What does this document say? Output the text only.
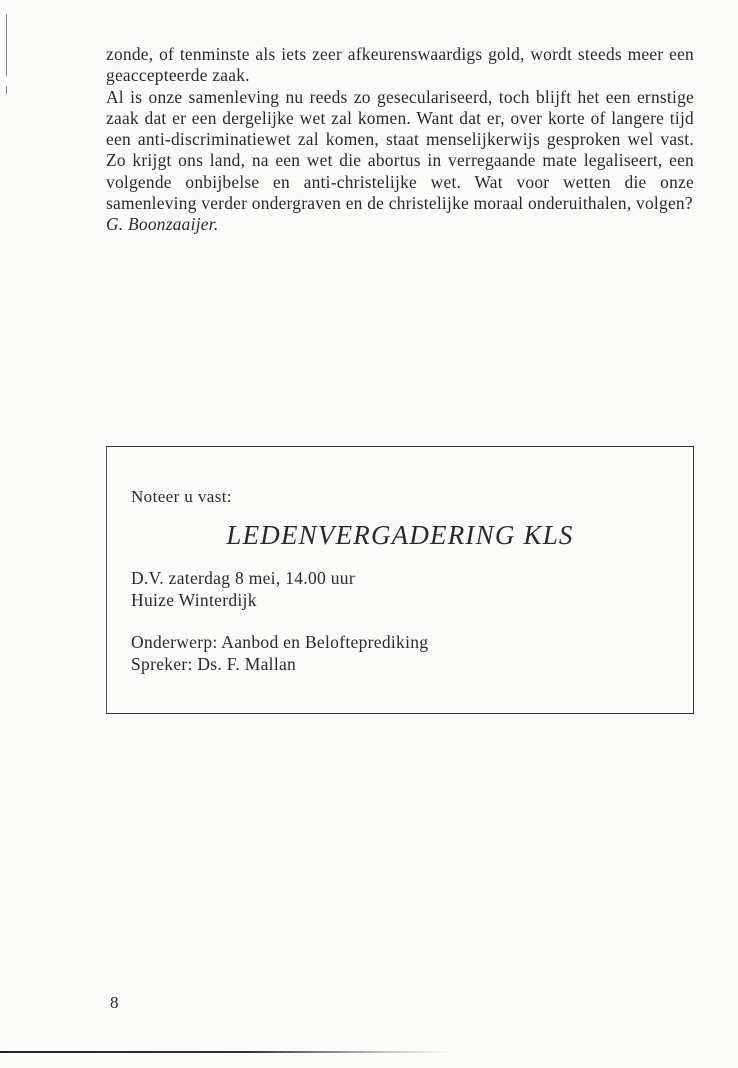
zonde, of tenminste als iets zeer afkeurenswaardigs gold, wordt steeds meer een geaccepteerde zaak.

Al is onze samenleving nu reeds zo geseculariseerd, toch blijft het een ernstige zaak dat er een dergelijke wet zal komen. Want dat er, over korte of langere tijd een anti-discriminatiewet zal komen, staat menselijkerwijs gesproken wel vast. Zo krijgt ons land, na een wet die abortus in verregaande mate legaliseert, een volgende onbijbelse en anti-christelijke wet. Wat voor wetten die onze samenleving verder ondergraven en de christelijke moraal onderuithalen, volgen?

G. Boonzaaijer.

Noteer u vast:
LEDENVERGADERING KLS
D.V. zaterdag 8 mei, 14.00 uur
Huize Winterdijk
Onderwerp: Aanbod en Belofteprediking
Spreker: Ds. F. Mallan
8
